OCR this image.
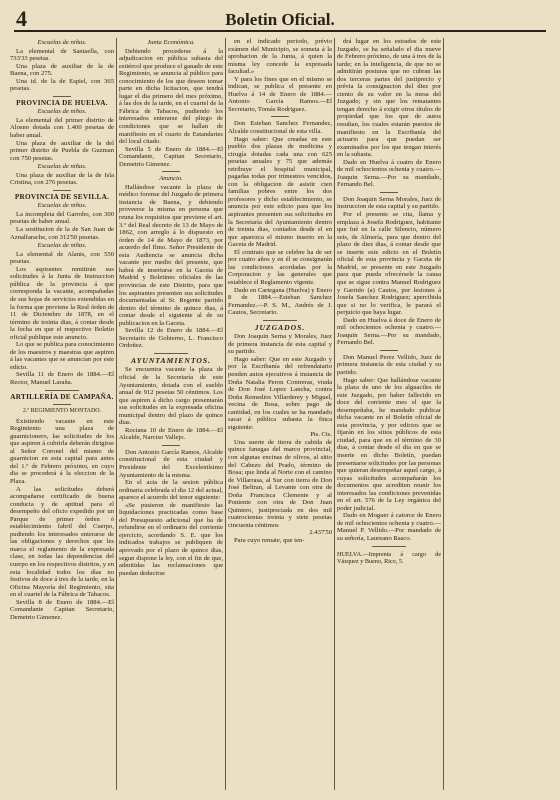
4	Boletin Oficial.

Escuelas de niñas.

La elemental de Santaella, con 733'33 pesetas.

Una plaza de auxiliar de la de Baena, con 275.

Una id. de la de Espiel, con 365 pesetas.

PROVINCIA DE HUELVA.

Escuelas de niños.

La elemental del primer distrito de Alosno dotada con 1.400 pesetas de haber anual.

Una plaza de auxiliar de la del primer distrito de Puebla de Guzman con 750 pesetas.

Escuelas de niñas.

Una plaza de auxiliar de la de Isla Cristina, con 276 pesetas.

PROVINCIA DE SEVILLA.

Escuelas de niños.

La incompleta del Garrobo, con 300 pesetas de haber anual.

La sostitucion de la de San Juan de Aznalfarache, con 312'50 pesetas.

Escuelas de niñas.

La elemental de Alanis, con 550 pesetas.

Los aspirantes remitirán sus solicitudes á la Junta de Instruccion pública de la provincia á que corresponda la vacante, acompañadas de sus hojas de servicios extendidas en la forma que previene la Real órden de 11 de Diciembre de 1878, en el término de treinta dias, á contar desde la fecha en que el respectivo Boletín oficial publique este anuncio.

Lo que se publica para conocimiento de los maestros y maestras que aspiren á las vacantes que se anuncian por este edicto.

Sevilla 11 de Enero de 1884.—El Rector, Manuel Laraña.

ARTILLERÍA DE CAMPAÑA.

2.º REGIMIENTO MONTADO.

Existiendo vacante en este Regimiento una plaza de guarnicionero, las solicitudes de los que aspiren á cubrirla deberán dirigirse al Señor Coronel del mismo de guarnicion en esta capital para antes del 1.º de Febrero próximo, en cuyo dia se procederá á la eleccion de la Plaza.

A las solicitudes deberá acompañarse certificado de buena conducta y de aptitud para el desempeño del oficio expedido por un Parque de primer órden ó establecimiento fabril del Cuerpo, pudiendo los interesados enterarse de las obligaciones y derechos que les marca el reglamento de la expresada clase, en todas las dependencias del cuerpo en los respectivos distritos, y en esta localidad todos los días no festivos de doce á tres de la tarde, en la Oficina Mayoría del Regimiento, sita en el cuartel de la Fábrica de Tabacos.

Sevilla 8 de Enero de 1884.—El Comandante Capitan Secretario, Demetrio Gimenez.

Junta Económica.

Debiendo procederse á la adjudicacion en pública subasta del estiércol que produce el ganado de este Regimiento, se anuncia al público para conocimiento de los que deseen tomar parte en dicha licitacion, que tendrá lugar el dia primero del mes próximo, á las dos de la tarde, en el cuartel de la Fábrica de Tabacos, pudiendo los interesados enterarse del pliego de condiciones que se hallan de manifiesto en el cuarto de Estandartes del local citado.

Sevilla 5 de Enero de 1884.—El Comandante, Capitan Secretario, Demetrio Gimenez.

Anuncio.

Hallándose vacante la plaza de médico forense del Juzgado de primera instancia de Baena, y debiendo proveerse la misma en persona que reuna los requisitos que previene el art. 3.º del Real decreto de 13 de Mayo de 1862, con arreglo á lo dispuesto en órden de 14 de Mayo de 1873, por acuerdo del Ilmo. Señor Presidente de esta Audiencia se anuncia dicha vacante por medio del presente, que habrá de insertarse en la Gaceta de Madrid y Boletines oficiales de las provincias de este Distrito, para que los aspirantes presenten sus solicitudes documentadas al Sr. Regente partido dentro del término de quince dias, á contar desde el siguiente al de su publicacion en la Gaceta.

Sevilla 12 de Enero de 1884.—El Secretario de Gobierno, L. Francisco Ordoñez.

AYUNTAMIENTOS.

Se encuentra vacante la plaza de oficial de la Secretaría de este Ayuntamiento, dotada con el sueldo anual de 912 pesetas 50 céntimos. Los que aspiren á dicho cargo presentarán sus solicitudes en la expresada oficina municipal dentro del plazo de quince dias.

Rociana 10 de Enero de 1884.—El Alcalde, Narciso Vallejo.

Don Antonio García Ramos, Alcalde constitucional de esta ciudad y Presidente del Excelentísimo Ayuntamiento de la misma.

En el acta de la sesion pública ordinaria celebrada el dia 12 del actual, aparece el acuerdo del tenor siguiente:

«Se pusieron de manifiesto las liquidaciones practicadas como base del Presupuesto adicional que ha de refundirse en el ordinario del corriente ejercicio, acordando S. E. que los indicados trabajos se publiquen de aprovado por el plazo de quince dias, segun dispone la ley, con el fin de que, admitidas las reclamaciones que puedan deducirse

en el indicado periodo, prévio exámen del Municipio, se someta á la aprobacion de la Junta, á quien la misma ley concede la expresada facultad.»

Y para los fines que en el mismo se indican, se publica el presente en Huelva á 14 de Enero de 1884.—Antonio García Ramos.—El Secretario, Tomás Rodriguez.

Don Esteban Sanchez Fernandez, Alcalde constitucional de esta villa.

Hago saber: Que creadas en este pueblo dos plazas de medicina y cirugía dotadas cada una con 625 pesetas anuales y 75 que además retribuye el hospital municipal, pagadas todas por trimestres vencidos, con la obligacion de asistir cien familias pobres entre los dos profesores y dicho establecimiento, se anuncia por este edicto para que los aspirantes presenten sus solicitudes en la Secretaría del Ayuntamiento dentro de treinta dias, contados desde el en que aparezca el mismo inserto en la Gaceta de Madrid.

El contrato que se celebre ha de ser por cuatro años y en él se consignarán las condiciones acordadas por la Corporacion y las generales que establece el Reglamento vigente.

Dado en Cartegana (Huelva) y Enero 8 de 1884.—Esteban Sanchez Fernandez.—P. S. M., Andrés de J. Cautos, Secretario.

JUZGADOS.

Don Joaquin Serna y Morales, Juez de primera instancia de esta capital y su partido.

Hago saber: Que en este Juzgado y por la Escribanía del refrendatario penden autos ejecutivos á instancia de Doña Natalia Peron Contreras, viuda de Don José Lopez Lancha, contra Doña Remedios Villarderey y Miguel, vecina de Bosa, sobre pago de cantidad, en los cuales se ha mandado sacar á pública subasta la finca siguiente:

Pts. Cts.

Una suerte de tierra de cabida de quince fanegas del marco provincial, con algunas encinas de olivos, al sitio del Cabezo del Prado, término de Bosa; que linda al Norte con el camino de Villarrasa, al Sur con tierra de Don José Beltran, al Levante con otra de Doña Francisca Clemente y al Poniente con otra de Don Juan Quintero, justipreciada en dos mil cuatrocientas treinta y siete pesetas cincuenta céntimos

2.437'50

Para cuyo remate, que ten-

drá lugar en los estrados de este Juzgado, se ha señalado el dia nueve de Febrero próximo, de una á tres de la tarde; en la inteligencia, de que no se admitirán posturas que no cubran las dos terceras partes del justiprecio y prévia la consignacion del diez por ciento de su valor en la mesa del Juzgado; y sin que los rematantes tengan derecho á exigir otros títulos de propiedad que los que de autos resultan, los cuales estarán puestos de manifiesto en la Escribanía del actuario para que puedan ser examinados por los que tengan interés en la subasta.

Dado en Huelva á cuatro de Enero de mil ochocientos ochenta y cuatro.—Joaquin Serna.—Por su mandado, Fernando Bel.

Don Joaquin Serna Morales, Juez de instruccion de esta capital y su partido.

Por el presente se cita, llama y emplaza á Josefa Rodriguez, habitante que fué en la calle Silencio, número seis, de Almería, para que dentro del plazo de diez dias, á contar desde que se inserte este edicto en el Boletín oficial de esta provincia y Gaceta de Madrid, se presente en este Juzgado para que pueda ofrecérsele la causa que se sigue contra Manuel Rodriguez y Garrido (a) Cautos, por lesiones á Josefa Sanchez Rodriguez; apercibida que si no lo verifica, le parará el perjuicio que haya lugar.

Dado en Huelva á doce de Enero de mil ochocientos ochenta y cuatro.—Joaquin Serna.—Por su mandado, Fernando Bel.

Don Manuel Perez Vellido, Juez de primera instancia de esta ciudad y su partido.

Hago saber: Que hallándose vacante la plaza de uno de los alguaciles de este Juzgado, por haber fallecido en doce del corriente mes el que la desempeñaba, he mandado publicar dicha vacante en el Boletín oficial de esta provincia, y por edictos que se fijarán en los sitios públicos de esta ciudad, para que en el término de 30 dias, á contar desde el dia en que se inserte en dicho Boletín, puedan presentarse solicitudes por las personas que quieran desempeñar aquel cargo, á cuyas solicitudes acompañarán los documentos que acrediten reunir los interesados las condiciones prevenidas en el art. 576 de la Ley orgánica del poder judicial.

Dado en Moguer á catorce de Enero de mil ochocientos ochenta y cuatro.—Manuel P. Vellido.—Por mandado de su señoría, Laureano Rasco.

HUELVA.—Imprenta á cargo de Vázquez y Bueno, Rico, 5.
